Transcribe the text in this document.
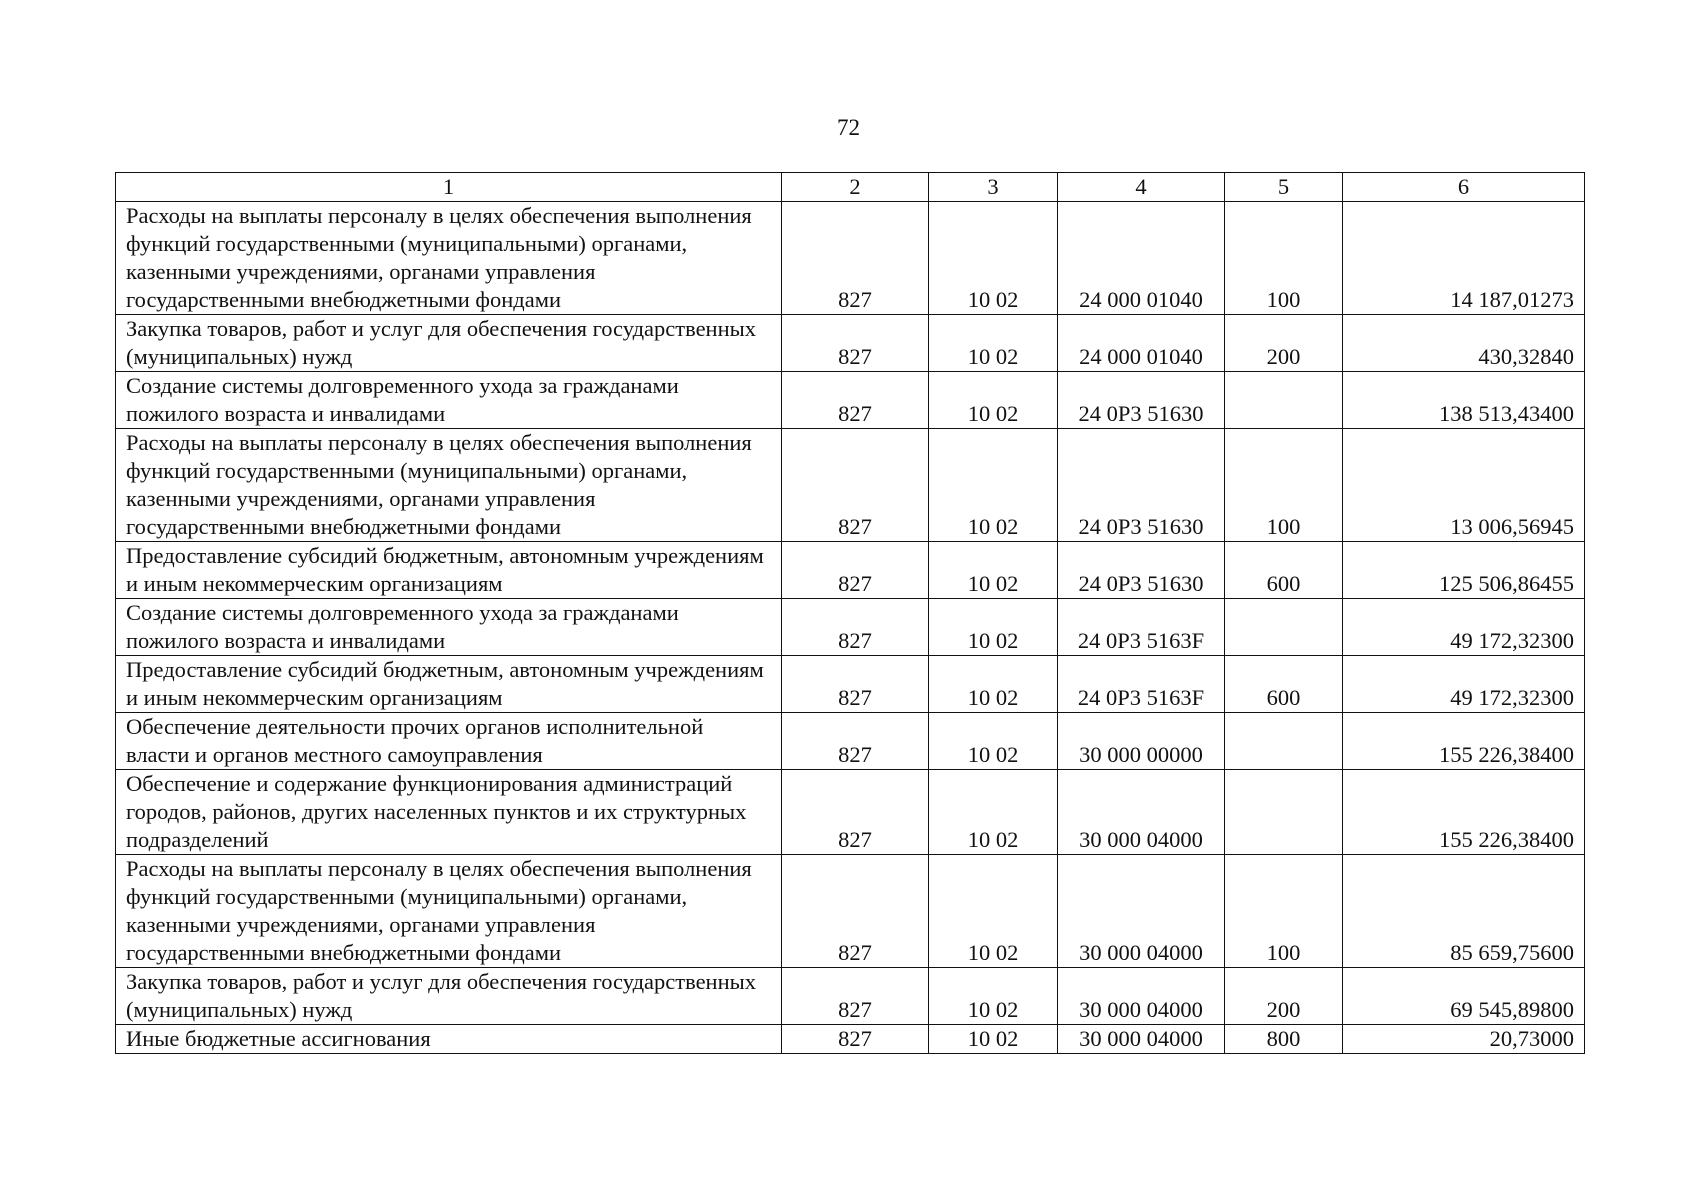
72
1	2	3	4	5	6
Расходы на выплаты персоналу в целях обеспечения выполнения функций государственными (муниципальными) органами, казенными учреждениями, органами управления государственными внебюджетными фондами	827	10 02	24 000 01040	100	14 187,01273
Закупка товаров, работ и услуг для обеспечения государственных (муниципальных) нужд	827	10 02	24 000 01040	200	430,32840
Создание системы долговременного ухода за гражданами пожилого возраста и инвалидами	827	10 02	24 0P3 51630		138 513,43400
Расходы на выплаты персоналу в целях обеспечения выполнения функций государственными (муниципальными) органами, казенными учреждениями, органами управления государственными внебюджетными фондами	827	10 02	24 0P3 51630	100	13 006,56945
Предоставление субсидий бюджетным, автономным учреждениям и иным некоммерческим организациям	827	10 02	24 0P3 51630	600	125 506,86455
Создание системы долговременного ухода за гражданами пожилого возраста и инвалидами	827	10 02	24 0P3 5163F		49 172,32300
Предоставление субсидий бюджетным, автономным учреждениям и иным некоммерческим организациям	827	10 02	24 0P3 5163F	600	49 172,32300
Обеспечение деятельности прочих органов исполнительной власти и органов местного самоуправления	827	10 02	30 000 00000		155 226,38400
Обеспечение и содержание функционирования администраций городов, районов, других населенных пунктов и их структурных подразделений	827	10 02	30 000 04000		155 226,38400
Расходы на выплаты персоналу в целях обеспечения выполнения функций государственными (муниципальными) органами, казенными учреждениями, органами управления государственными внебюджетными фондами	827	10 02	30 000 04000	100	85 659,75600
Закупка товаров, работ и услуг для обеспечения государственных (муниципальных) нужд	827	10 02	30 000 04000	200	69 545,89800
Иные бюджетные ассигнования	827	10 02	30 000 04000	800	20,73000
